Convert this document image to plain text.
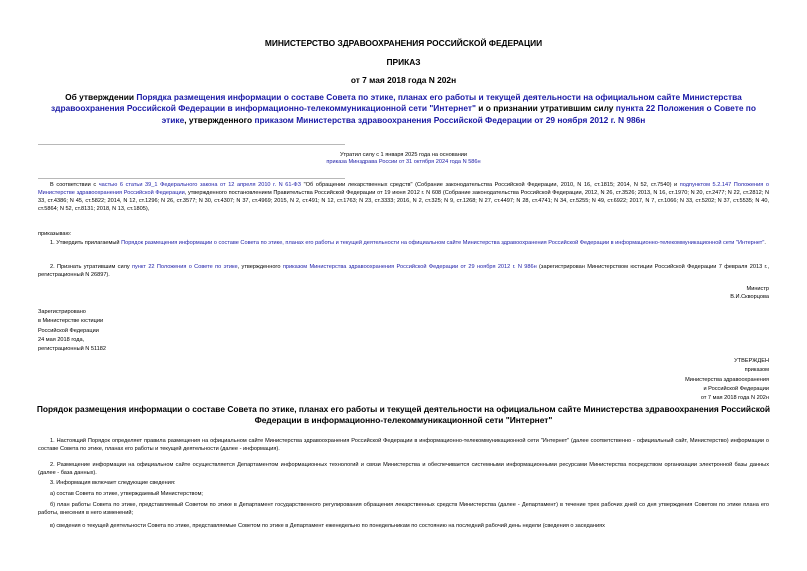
МИНИСТЕРСТВО ЗДРАВООХРАНЕНИЯ РОССИЙСКОЙ ФЕДЕРАЦИИ
ПРИКАЗ
от 7 мая 2018 года N 202н
Об утверждении Порядка размещения информации о составе Совета по этике, планах его работы и текущей деятельности на официальном сайте Министерства здравоохранения Российской Федерации в информационно-телекоммуникационной сети "Интернет" и о признании утратившим силу пункта 22 Положения о Совете по этике, утвержденного приказом Министерства здравоохранения Российской Федерации от 29 ноября 2012 г. N 986н
Утратил силу с 1 января 2025 года на основании
приказа Минздрава России от 31 октября 2024 года N 586н
В соответствии с частью 6 статьи 39_1 Федерального закона от 12 апреля 2010 г. N 61-ФЗ "Об обращении лекарственных средств" (Собрание законодательства Российской Федерации, 2010, N 16, ст.1815; 2014, N 52, ст.7540) и подпунктом 5.2.147 Положения о Министерстве здравоохранения Российской Федерации, утвержденного постановлением Правительства Российской Федерации от 19 июня 2012 г. N 608 (Собрание законодательства Российской Федерации, 2012, N 26, ст.3526; 2013, N 16, ст.1970; N 20, ст.2477; N 22, ст.2812; N 33, ст.4386; N 45, ст.5822; 2014, N 12, ст.1296; N 26, ст.3577; N 30, ст.4307; N 37, ст.4969; 2015, N 2, ст.491; N 12, ст.1763; N 23, ст.3333; 2016, N 2, ст.325; N 9, ст.1268; N 27, ст.4497; N 28, ст.4741; N 34, ст.5255; N 49, ст.6922; 2017, N 7, ст.1066; N 33, ст.5202; N 37, ст.5535; N 40, ст.5864; N 52, ст.8131; 2018, N 13, ст.1805),
приказываю:
1. Утвердить прилагаемый Порядок размещения информации о составе Совета по этике, планах его работы и текущей деятельности на официальном сайте Министерства здравоохранения Российской Федерации в информационно-телекоммуникационной сети "Интернет".
2. Признать утратившим силу пункт 22 Положения о Совете по этике, утвержденного приказом Министерства здравоохранения Российской Федерации от 29 ноября 2012 г. N 986н (зарегистрирован Министерством юстиции Российской Федерации 7 февраля 2013 г., регистрационный N 26897).
Министр
В.И.Скворцова
Зарегистрировано
в Министерстве юстиции
Российской Федерации
24 мая 2018 года,
регистрационный N 51182
УТВЕРЖДЕН
приказом
Министерства здравоохранения
и Российской Федерации
от 7 мая 2018 года N 202н
Порядок размещения информации о составе Совета по этике, планах его работы и текущей деятельности на официальном сайте Министерства здравоохранения Российской Федерации в информационно-телекоммуникационной сети "Интернет"
1. Настоящий Порядок определяет правила размещения на официальном сайте Министерства здравоохранения Российской Федерации в информационно-телекоммуникационной сети "Интернет" (далее соответственно - официальный сайт, Министерство) информации о составе Совета по этике, планах его работы и текущей деятельности (далее - информация).
2. Размещение информации на официальном сайте осуществляется Департаментом информационных технологий и связи Министерства и обеспечивается системными информационными ресурсами Министерства посредством организации электронной базы данных (далее - база данных).
3. Информация включает следующие сведения:
а) состав Совета по этике, утверждаемый Министерством;
б) план работы Совета по этике, представляемый Советом по этике в Департамент государственного регулирования обращения лекарственных средств Министерства (далее - Департамент) в течение трех рабочих дней со дня утверждения Советом по этике плана его работы, внесения в него изменений;
в) сведения о текущей деятельности Совета по этике, представляемые Советом по этике в Департамент еженедельно по понедельникам по состоянию на последний рабочий день недели (сведения о заседаниях
